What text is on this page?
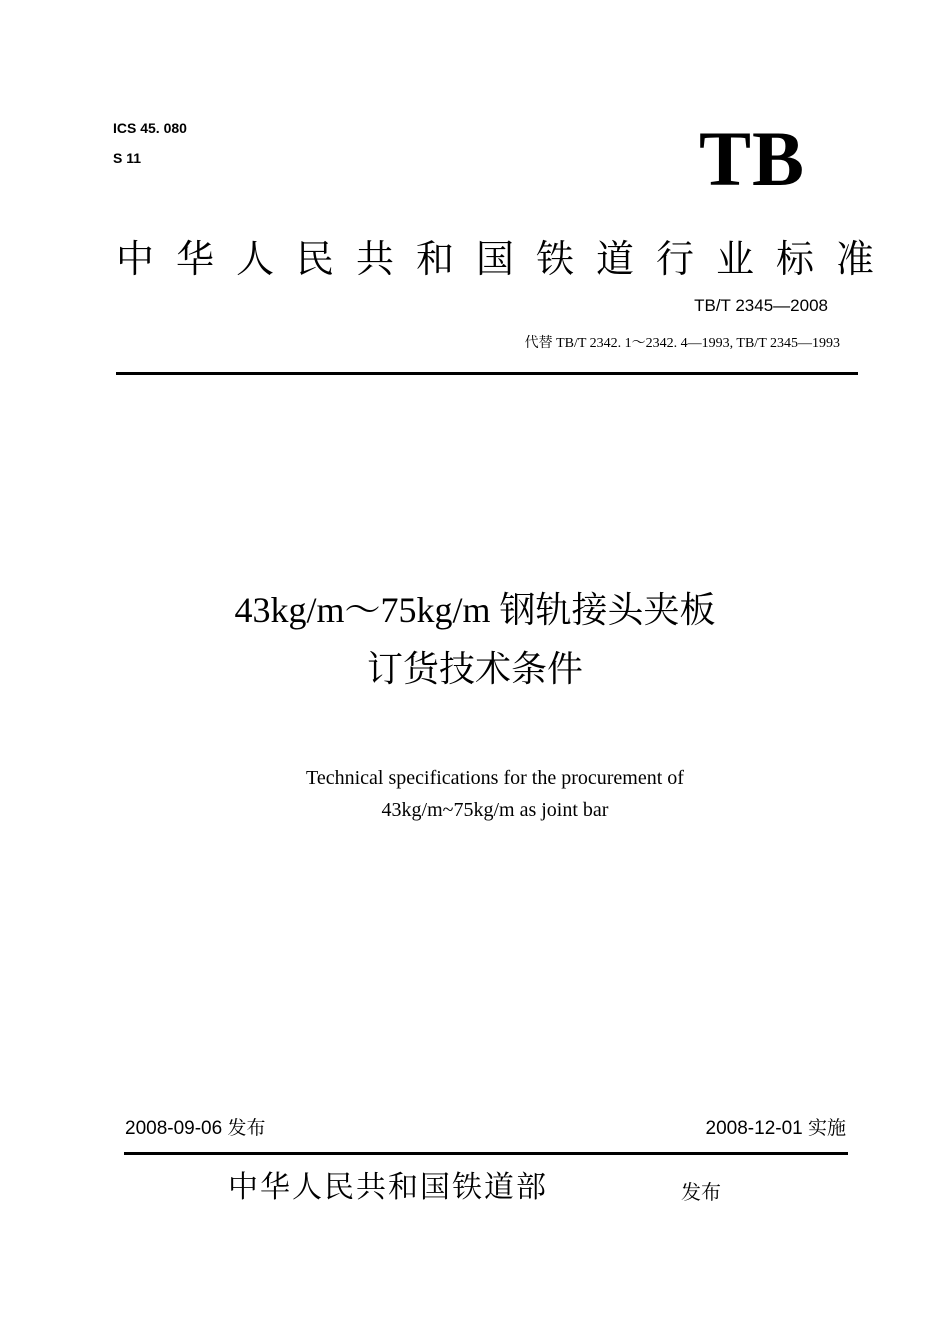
ICS 45. 080
S 11	TB
中华人民共和国铁道行业标准
TB/T 2345—2008
代替 TB/T 2342. 1～2342. 4—1993, TB/T 2345—1993
43kg/m～75kg/m 钢轨接头夹板
订货技术条件
Technical specifications for the procurement of
43kg/m~75kg/m as joint bar
2008-09-06 发布	2008-12-01 实施
中华人民共和国铁道部	发布
